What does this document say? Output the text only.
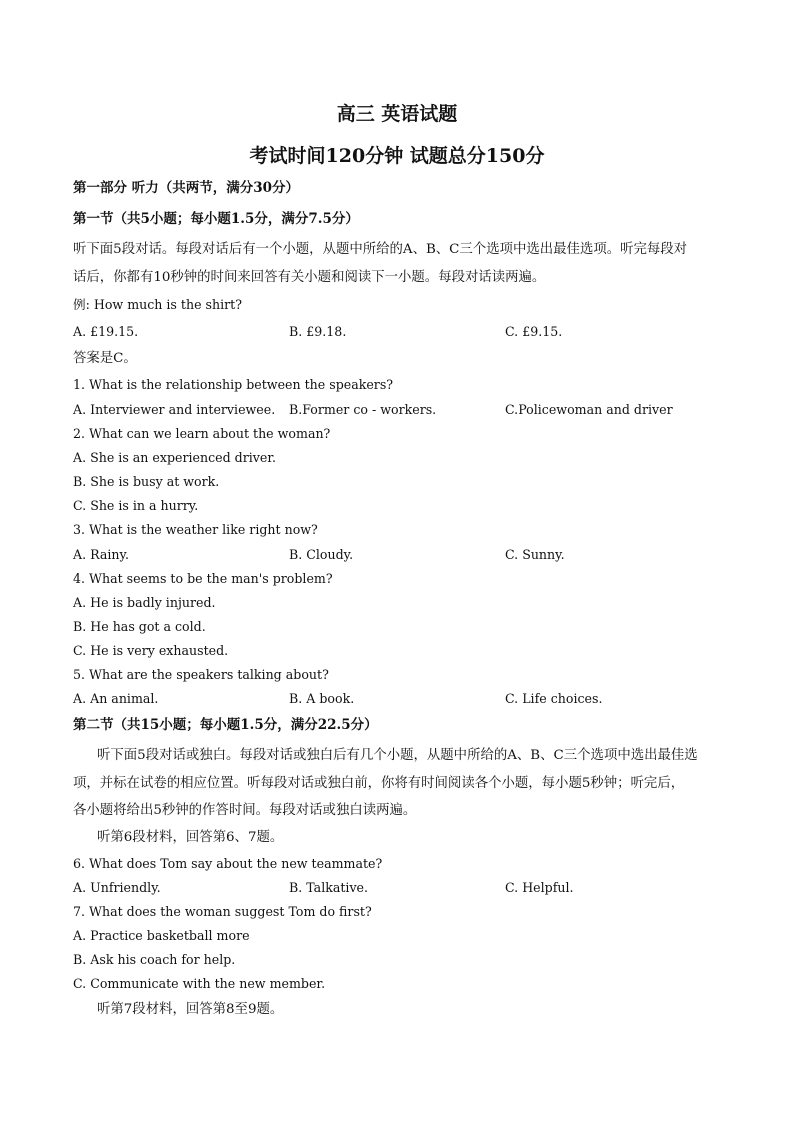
高三 英语试题
考试时间120分钟 试题总分150分
第一部分 听力（共两节，满分30分）
第一节（共5小题；每小题1.5分，满分7.5分）
听下面5段对话。每段对话后有一个小题，从题中所给的A、B、C三个选项中选出最佳选项。听完每段对
话后，你都有10秒钟的时间来回答有关小题和阅读下一小题。每段对话读两遍。
例: How much is the shirt?
A. £19.15.	B. £9.18.	C. £9.15.
答案是C。
1. What is the relationship between the speakers?
A. Interviewer and interviewee. B.Former co - workers.	C.Policewoman and driver
2. What can we learn about the woman?
A. She is an experienced driver.
B. She is busy at work.
C. She is in a hurry.
3. What is the weather like right now?
A. Rainy.	B. Cloudy.	C. Sunny.
4. What seems to be the man's problem?
A. He is badly injured.
B. He has got a cold.
C. He is very exhausted.
5. What are the speakers talking about?
A. An animal.	B. A book.	C. Life choices.
第二节（共15小题；每小题1.5分，满分22.5分）
听下面5段对话或独白。每段对话或独白后有几个小题，从题中所给的A、B、C三个选项中选出最佳选
项，并标在试卷的相应位置。听每段对话或独白前，你将有时间阅读各个小题，每小题5秒钟；听完后，
各小题将给出5秒钟的作答时间。每段对话或独白读两遍。
听第6段材料，回答第6、7题。
6. What does Tom say about the new teammate?
A. Unfriendly.	B. Talkative.	C. Helpful.
7. What does the woman suggest Tom do first?
A. Practice basketball more
B. Ask his coach for help.
C. Communicate with the new member.
听第7段材料，回答第8至9题。
